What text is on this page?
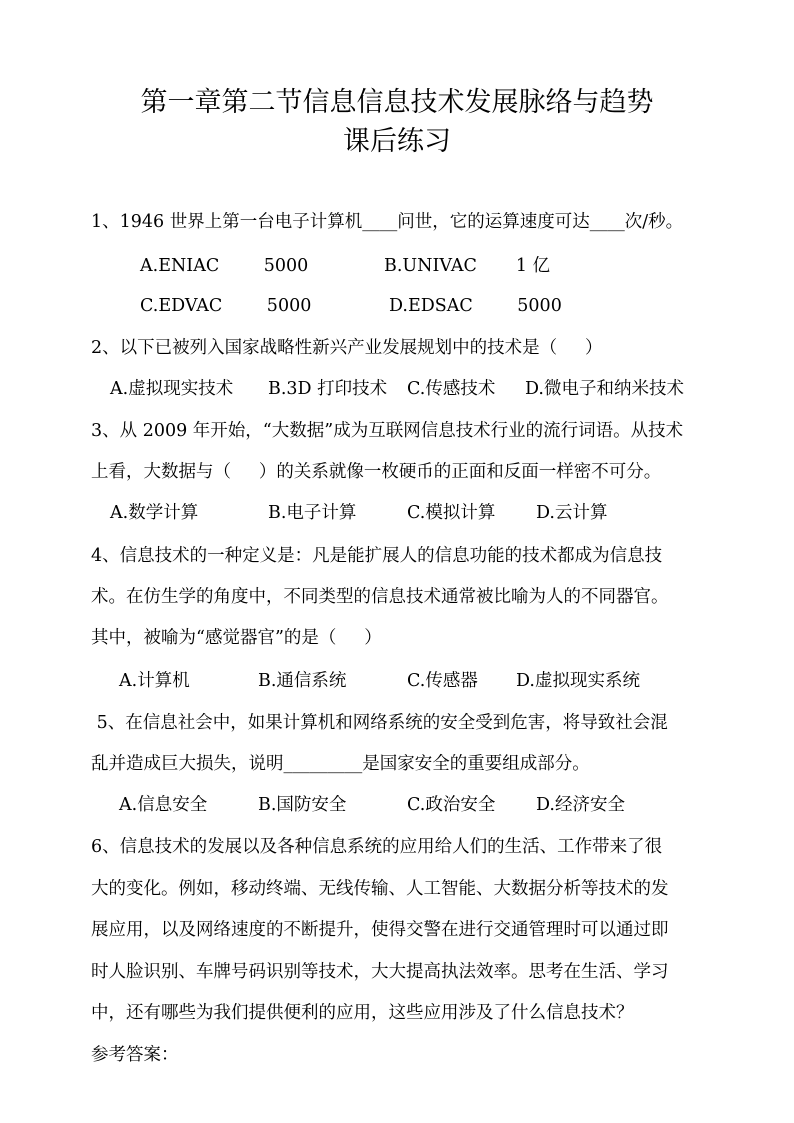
第一章第二节信息信息技术发展脉络与趋势
课后练习
1、1946 世界上第一台电子计算机____问世，它的运算速度可达____次/秒。
A.ENIAC        5000	B.UNIVAC       1 亿
C.EDVAC        5000	D.EDSAC        5000
2、以下已被列入国家战略性新兴产业发展规划中的技术是（     ）
A.虚拟现实技术 B.3D 打印技术 C.传感技术 D.微电子和纳米技术
3、从 2009 年开始，“大数据”成为互联网信息技术行业的流行词语。从技术
上看，大数据与（     ）的关系就像一枚硬币的正面和反面一样密不可分。
A.数学计算	B.电子计算	C.模拟计算 D.云计算
4、信息技术的一种定义是：凡是能扩展人的信息功能的技术都成为信息技
术。在仿生学的角度中，不同类型的信息技术通常被比喻为人的不同器官。
其中，被喻为“感觉器官”的是（     ）
A.计算机	B.通信系统	C.传感器 D.虚拟现实系统
5、在信息社会中，如果计算机和网络系统的安全受到危害，将导致社会混
乱并造成巨大损失，说明_________是国家安全的重要组成部分。
A.信息安全	B.国防安全	C.政治安全 D.经济安全
6、信息技术的发展以及各种信息系统的应用给人们的生活、工作带来了很
大的变化。例如，移动终端、无线传输、人工智能、大数据分析等技术的发
展应用，以及网络速度的不断提升，使得交警在进行交通管理时可以通过即
时人脸识别、车牌号码识别等技术，大大提高执法效率。思考在生活、学习
中，还有哪些为我们提供便利的应用，这些应用涉及了什么信息技术？
参考答案：
